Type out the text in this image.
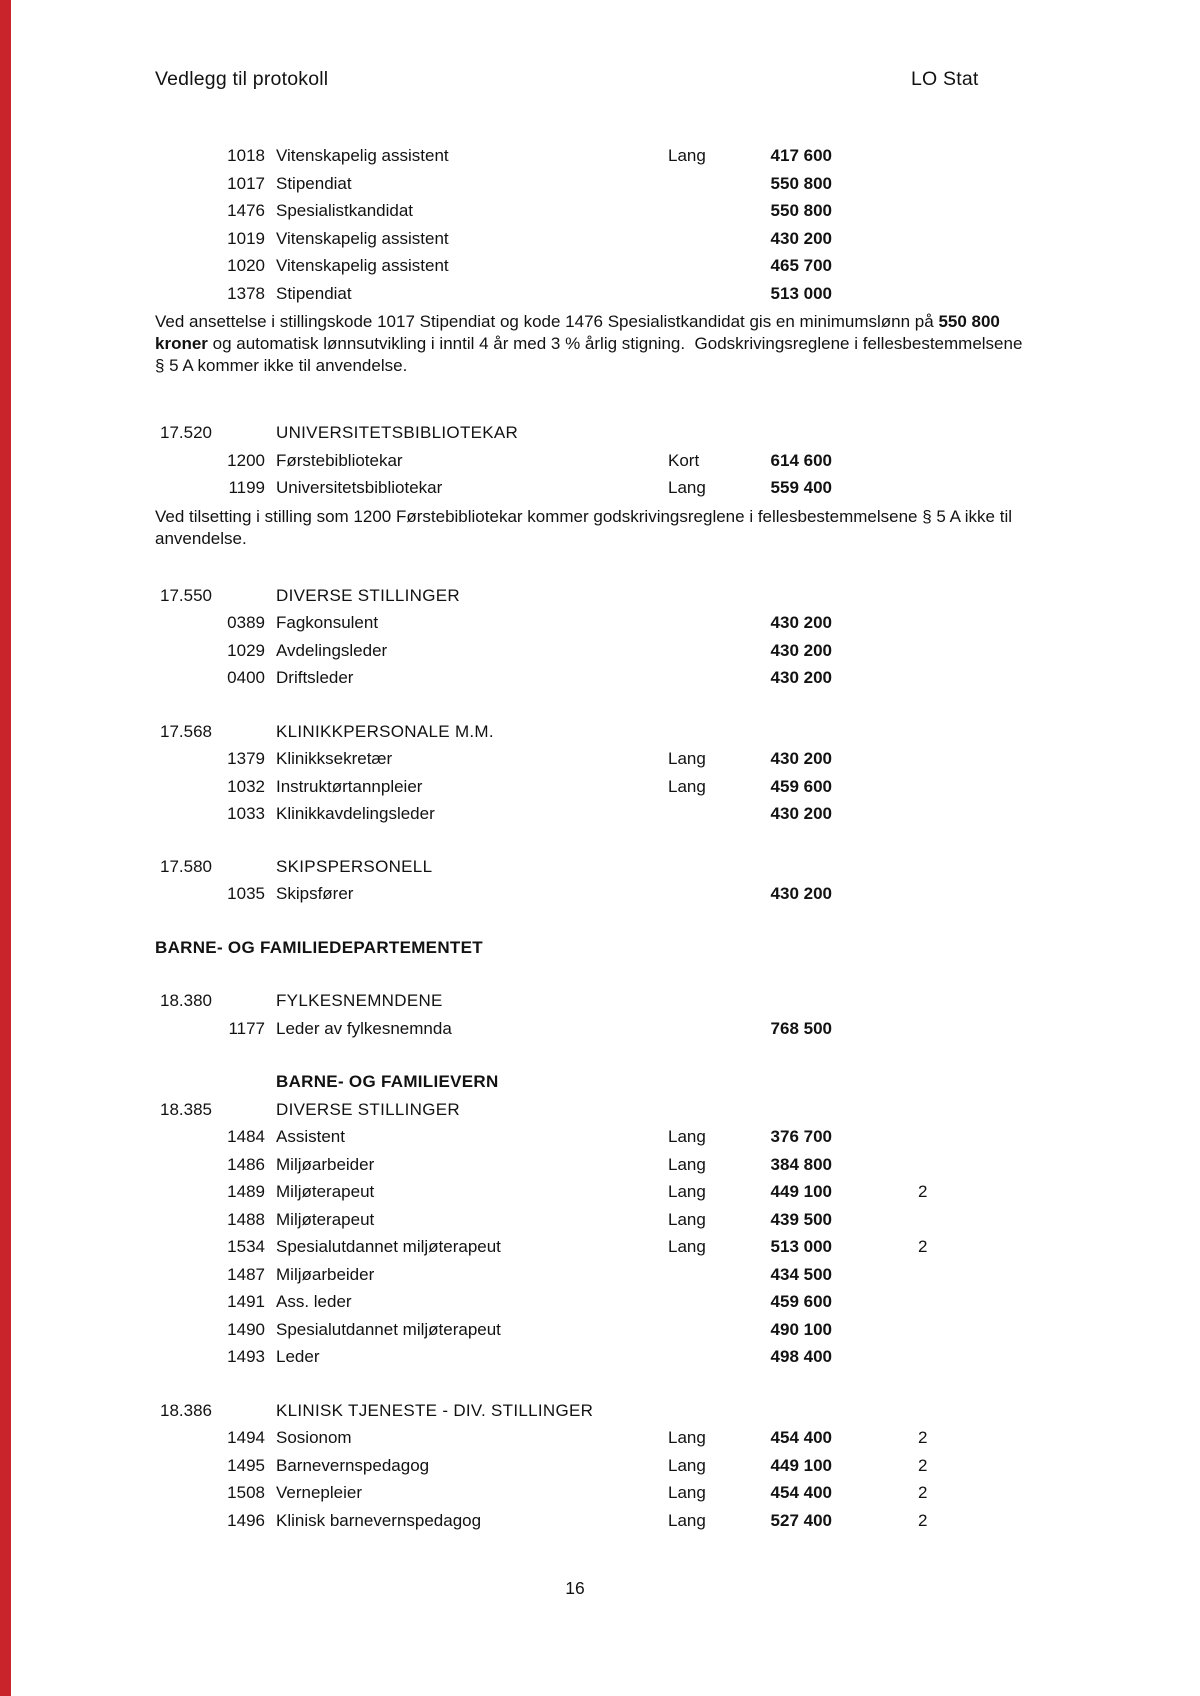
Vedlegg til protokoll	LO Stat
1018 Vitenskapelig assistent	Lang	417 600
1017 Stipendiat	550 800
1476 Spesialistkandidat	550 800
1019 Vitenskapelig assistent	430 200
1020 Vitenskapelig assistent	465 700
1378 Stipendiat	513 000
Ved ansettelse i stillingskode 1017 Stipendiat og kode 1476 Spesialistkandidat gis en minimumslønn på 550 800
kroner og automatisk lønnsutvikling i inntil 4 år med 3 % årlig stigning.  Godskrivingsreglene i fellesbestemmelsene
§ 5 A kommer ikke til anvendelse.
17.520	UNIVERSITETSBIBLIOTEKAR
1200 Førstebibliotekar	Kort	614 600
1199 Universitetsbibliotekar	Lang	559 400
Ved tilsetting i stilling som 1200 Førstebibliotekar kommer godskrivingsreglene i fellesbestemmelsene § 5 A ikke til
anvendelse.
17.550	DIVERSE STILLINGER
0389 Fagkonsulent	430 200
1029 Avdelingsleder	430 200
0400 Driftsleder	430 200
17.568	KLINIKKPERSONALE M.M.
1379 Klinikksekretær	Lang	430 200
1032 Instruktørtannpleier	Lang	459 600
1033 Klinikkavdelingsleder	430 200
17.580	SKIPSPERSONELL
1035 Skipsfører	430 200
BARNE- OG FAMILIEDEPARTEMENTET
18.380	FYLKESNEMNDENE
1177 Leder av fylkesnemnda	768 500
BARNE- OG FAMILIEVERN
18.385	DIVERSE STILLINGER
1484 Assistent	Lang	376 700
1486 Miljøarbeider	Lang	384 800
1489 Miljøterapeut	Lang	449 100	2
1488 Miljøterapeut	Lang	439 500
1534 Spesialutdannet miljøterapeut	Lang	513 000	2
1487 Miljøarbeider	434 500
1491 Ass. leder	459 600
1490 Spesialutdannet miljøterapeut	490 100
1493 Leder	498 400
18.386	KLINISK TJENESTE - DIV. STILLINGER
1494 Sosionom	Lang	454 400	2
1495 Barnevernspedagog	Lang	449 100	2
1508 Vernepleier	Lang	454 400	2
1496 Klinisk barnevernspedagog	Lang	527 400	2
16
